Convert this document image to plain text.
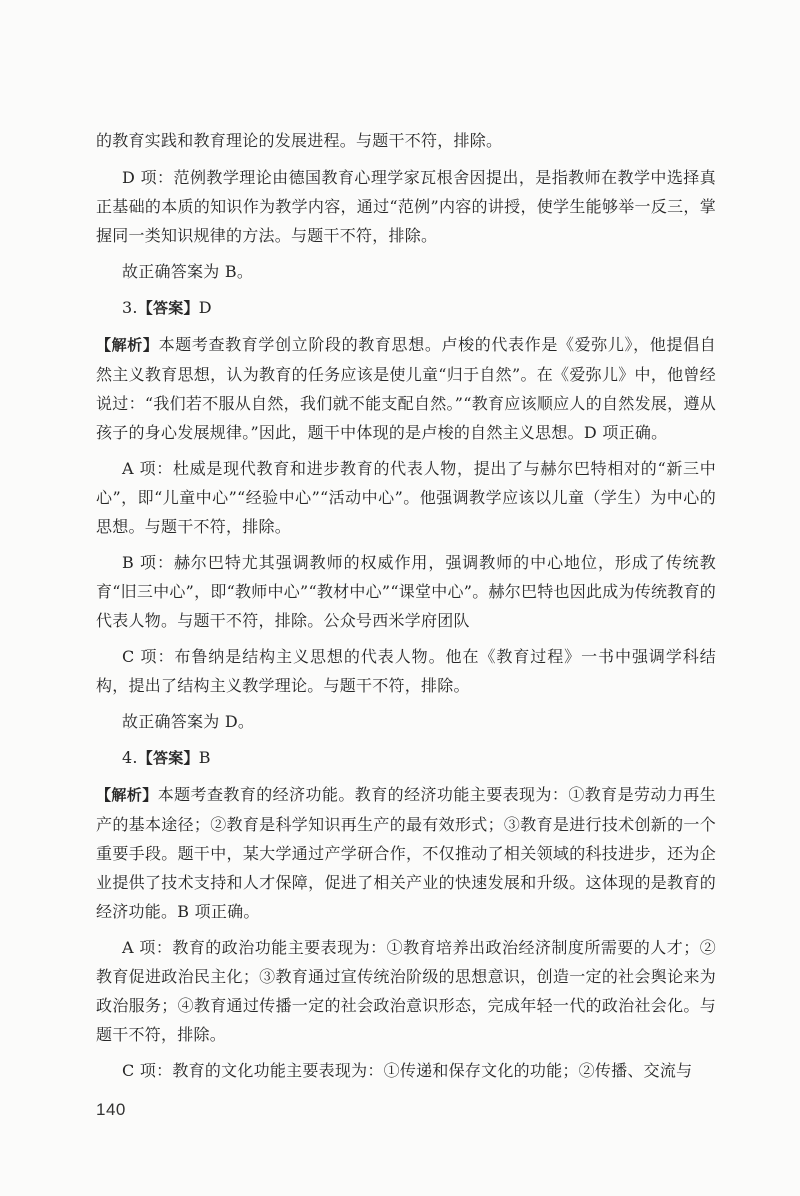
的教育实践和教育理论的发展进程。与题干不符，排除。

D 项：范例教学理论由德国教育心理学家瓦根舍因提出，是指教师在教学中选择真正基础的本质的知识作为教学内容，通过“范例”内容的讲授，使学生能够举一反三，掌握同一类知识规律的方法。与题干不符，排除。

故正确答案为 B。

3.【答案】D

【解析】本题考查教育学创立阶段的教育思想。卢梭的代表作是《爱弥儿》，他提倡自然主义教育思想，认为教育的任务应该是使儿童“归于自然”。在《爱弥儿》中，他曾经说过：“我们若不服从自然，我们就不能支配自然。”“教育应该顺应人的自然发展，遵从孩子的身心发展规律。”因此，题干中体现的是卢梭的自然主义思想。D 项正确。

A 项：杜威是现代教育和进步教育的代表人物，提出了与赫尔巴特相对的“新三中心”，即“儿童中心”“经验中心”“活动中心”。他强调教学应该以儿童（学生）为中心的思想。与题干不符，排除。

B 项：赫尔巴特尤其强调教师的权威作用，强调教师的中心地位，形成了传统教育“旧三中心”，即“教师中心”“教材中心”“课堂中心”。赫尔巴特也因此成为传统教育的代表人物。与题干不符，排除。公众号西米学府团队

C 项：布鲁纳是结构主义思想的代表人物。他在《教育过程》一书中强调学科结构，提出了结构主义教学理论。与题干不符，排除。

故正确答案为 D。

4.【答案】B

【解析】本题考查教育的经济功能。教育的经济功能主要表现为：①教育是劳动力再生产的基本途径；②教育是科学知识再生产的最有效形式；③教育是进行技术创新的一个重要手段。题干中，某大学通过产学研合作，不仅推动了相关领域的科技进步，还为企业提供了技术支持和人才保障，促进了相关产业的快速发展和升级。这体现的是教育的经济功能。B 项正确。

A 项：教育的政治功能主要表现为：①教育培养出政治经济制度所需要的人才；②教育促进政治民主化；③教育通过宣传统治阶级的思想意识，创造一定的社会舆论来为政治服务；④教育通过传播一定的社会政治意识形态，完成年轻一代的政治社会化。与题干不符，排除。

C 项：教育的文化功能主要表现为：①传递和保存文化的功能；②传播、交流与

140
